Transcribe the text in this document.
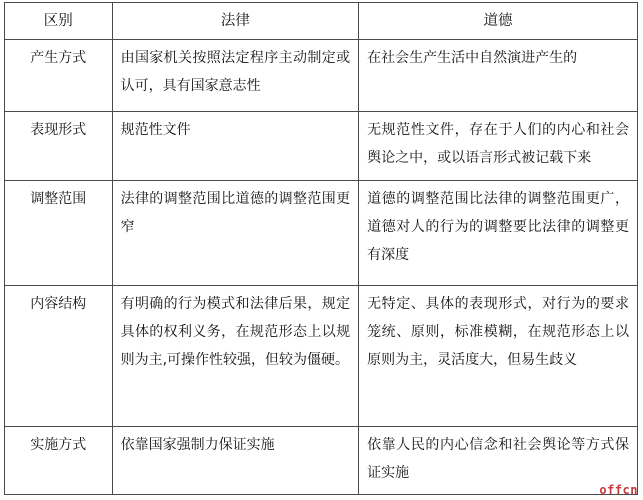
区别	法律	道德
产生方式	由国家机关按照法定程序主动制定或认可，具有国家意志性	在社会生产生活中自然演进产生的
表现形式	规范性文件	无规范性文件，存在于人们的内心和社会舆论之中，或以语言形式被记载下来
调整范围	法律的调整范围比道德的调整范围更窄	道德的调整范围比法律的调整范围更广，道德对人的行为的调整要比法律的调整更有深度
内容结构	有明确的行为模式和法律后果，规定具体的权利义务，在规范形态上以规则为主,可操作性较强，但较为僵硬。	无特定、具体的表现形式，对行为的要求笼统、原则，标准模糊，在规范形态上以原则为主，灵活度大，但易生歧义
实施方式	依靠国家强制力保证实施	依靠人民的内心信念和社会舆论等方式保证实施
offcn
